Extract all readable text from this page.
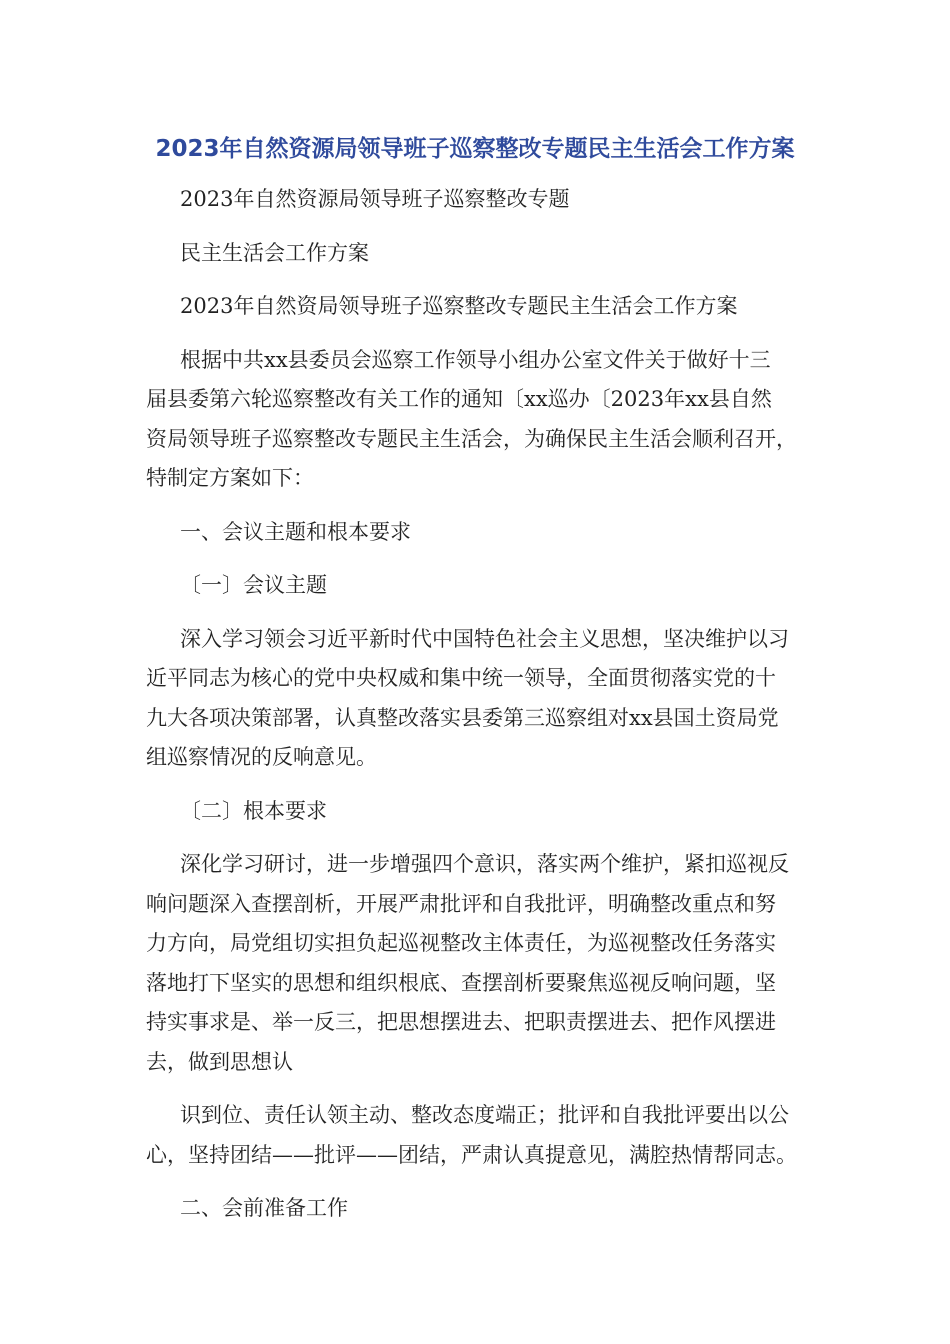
2023年自然资源局领导班子巡察整改专题民主生活会工作方案
2023年自然资源局领导班子巡察整改专题
民主生活会工作方案
2023年自然资局领导班子巡察整改专题民主生活会工作方案
根据中共xx县委员会巡察工作领导小组办公室文件关于做好十三
届县委第六轮巡察整改有关工作的通知〔xx巡办〔2023年xx县自然
资局领导班子巡察整改专题民主生活会，为确保民主生活会顺利召开，
特制定方案如下：
一、会议主题和根本要求
〔一〕会议主题
深入学习领会习近平新时代中国特色社会主义思想，坚决维护以习
近平同志为核心的党中央权威和集中统一领导，全面贯彻落实党的十
九大各项决策部署，认真整改落实县委第三巡察组对xx县国土资局党
组巡察情况的反响意见。
〔二〕根本要求
深化学习研讨，进一步增强四个意识，落实两个维护，紧扣巡视反
响问题深入查摆剖析，开展严肃批评和自我批评，明确整改重点和努
力方向，局党组切实担负起巡视整改主体责任，为巡视整改任务落实
落地打下坚实的思想和组织根底、查摆剖析要聚焦巡视反响问题，坚
持实事求是、举一反三，把思想摆进去、把职责摆进去、把作风摆进
去，做到思想认
识到位、责任认领主动、整改态度端正；批评和自我批评要出以公
心，坚持团结——批评——团结，严肃认真提意见，满腔热情帮同志。
二、会前准备工作
